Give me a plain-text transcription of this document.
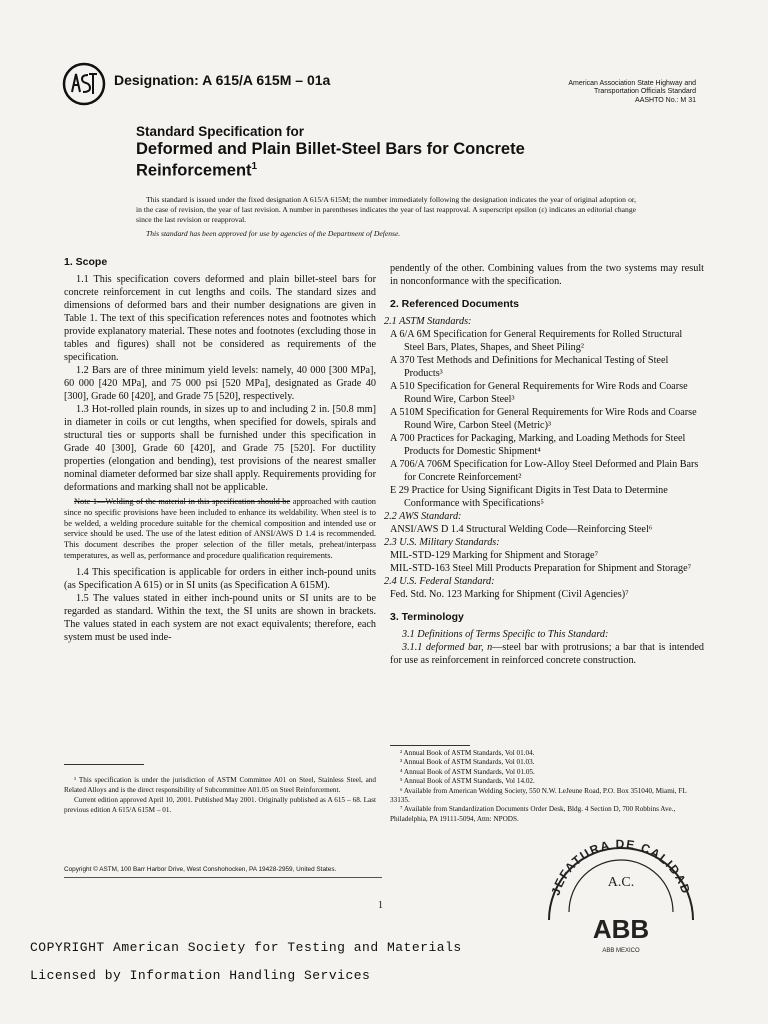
Designation: A 615/A 615M – 01a	American Association State Highway and
Transportation Officials Standard
AASHTO No.: M 31
Standard Specification for
Deformed and Plain Billet-Steel Bars for Concrete
Reinforcement$^1$

This standard is issued under the fixed designation A 615/A 615M; the number immediately following the designation indicates the year of original adoption or, in the case of revision, the year of last revision. A number in parentheses indicates the year of last reapproval. A superscript epsilon (ε) indicates an editorial change since the last revision or reapproval.

This standard has been approved for use by agencies of the Department of Defense.

1. Scope

1.1 This specification covers deformed and plain billet-steel bars for concrete reinforcement in cut lengths and coils. The standard sizes and dimensions of deformed bars and their number designations are given in Table 1. The text of this specification references notes and footnotes which provide explanatory material. These notes and footnotes (excluding those in tables and figures) shall not be considered as requirements of the specification.

1.2 Bars are of three minimum yield levels: namely, 40 000 [300 MPa], 60 000 [420 MPa], and 75 000 psi [520 MPa], designated as Grade 40 [300], Grade 60 [420], and Grade 75 [520], respectively.

1.3 Hot-rolled plain rounds, in sizes up to and including 2 in. [50.8 mm] in diameter in coils or cut lengths, when specified for dowels, spirals and structural ties or supports shall be furnished under this specification in Grade 40 [300], Grade 60 [420], and Grade 75 [520]. For ductility properties (elongation and bending), test provisions of the nearest smaller nominal diameter deformed bar size shall apply. Requirements providing for deformations and marking shall not be applicable.

Note 1—Welding of the material in this specification should be approached with caution since no specific provisions have been included to enhance its weldability. When steel is to be welded, a welding procedure suitable for the chemical composition and intended use or service should be used. The use of the latest edition of ANSI/AWS D 1.4 is recommended. This document describes the proper selection of the filler metals, preheat/interpass temperatures, as well as, performance and procedure qualification requirements.

1.4 This specification is applicable for orders in either inch-pound units (as Specification A 615) or in SI units (as Specification A 615M).

1.5 The values stated in either inch-pound units or SI units are to be regarded as standard. Within the text, the SI units are shown in brackets. The values stated in each system are not exact equivalents; therefore, each system must be used inde-

pendently of the other. Combining values from the two systems may result in nonconformance with the specification.

2. Referenced Documents

2.1 ASTM Standards:

A 6/A 6M Specification for General Requirements for Rolled Structural Steel Bars, Plates, Shapes, and Sheet Piling²

A 370 Test Methods and Definitions for Mechanical Testing of Steel Products³

A 510 Specification for General Requirements for Wire Rods and Coarse Round Wire, Carbon Steel³

A 510M Specification for General Requirements for Wire Rods and Coarse Round Wire, Carbon Steel (Metric)³

A 700 Practices for Packaging, Marking, and Loading Methods for Steel Products for Domestic Shipment⁴

A 706/A 706M Specification for Low-Alloy Steel Deformed and Plain Bars for Concrete Reinforcement²

E 29 Practice for Using Significant Digits in Test Data to Determine Conformance with Specifications⁵

2.2 AWS Standard:

ANSI/AWS D 1.4 Structural Welding Code—Reinforcing Steel⁶

2.3 U.S. Military Standards:

MIL-STD-129 Marking for Shipment and Storage⁷

MIL-STD-163 Steel Mill Products Preparation for Shipment and Storage⁷

2.4 U.S. Federal Standard:

Fed. Std. No. 123 Marking for Shipment (Civil Agencies)⁷

3. Terminology

3.1 Definitions of Terms Specific to This Standard:

3.1.1 deformed bar, n—steel bar with protrusions; a bar that is intended for use as reinforcement in reinforced concrete construction.

¹ This specification is under the jurisdiction of ASTM Committee A01 on Steel, Stainless Steel, and Related Alloys and is the direct responsibility of Subcommittee A01.05 on Steel Reinforcement.

Current edition approved April 10, 2001. Published May 2001. Originally published as A 615 – 68. Last previous edition A 615/A 615M – 01.

² Annual Book of ASTM Standards, Vol 01.04.

³ Annual Book of ASTM Standards, Vol 01.03.

⁴ Annual Book of ASTM Standards, Vol 01.05.

⁵ Annual Book of ASTM Standards, Vol 14.02.

⁶ Available from American Welding Society, 550 N.W. LeJeune Road, P.O. Box 351040, Miami, FL 33135.

⁷ Available from Standardization Documents Order Desk, Bldg. 4 Section D, 700 Robbins Ave., Philadelphia, PA 19111-5094, Attn: NPODS.

Copyright © ASTM, 100 Barr Harbor Drive, West Conshohocken, PA 19428-2959, United States.
1
JEFATURA DE CALIDAD
A.C.
ABB
ABB MEXICO
COPYRIGHT American Society for Testing and Materials
Licensed by Information Handling Services
